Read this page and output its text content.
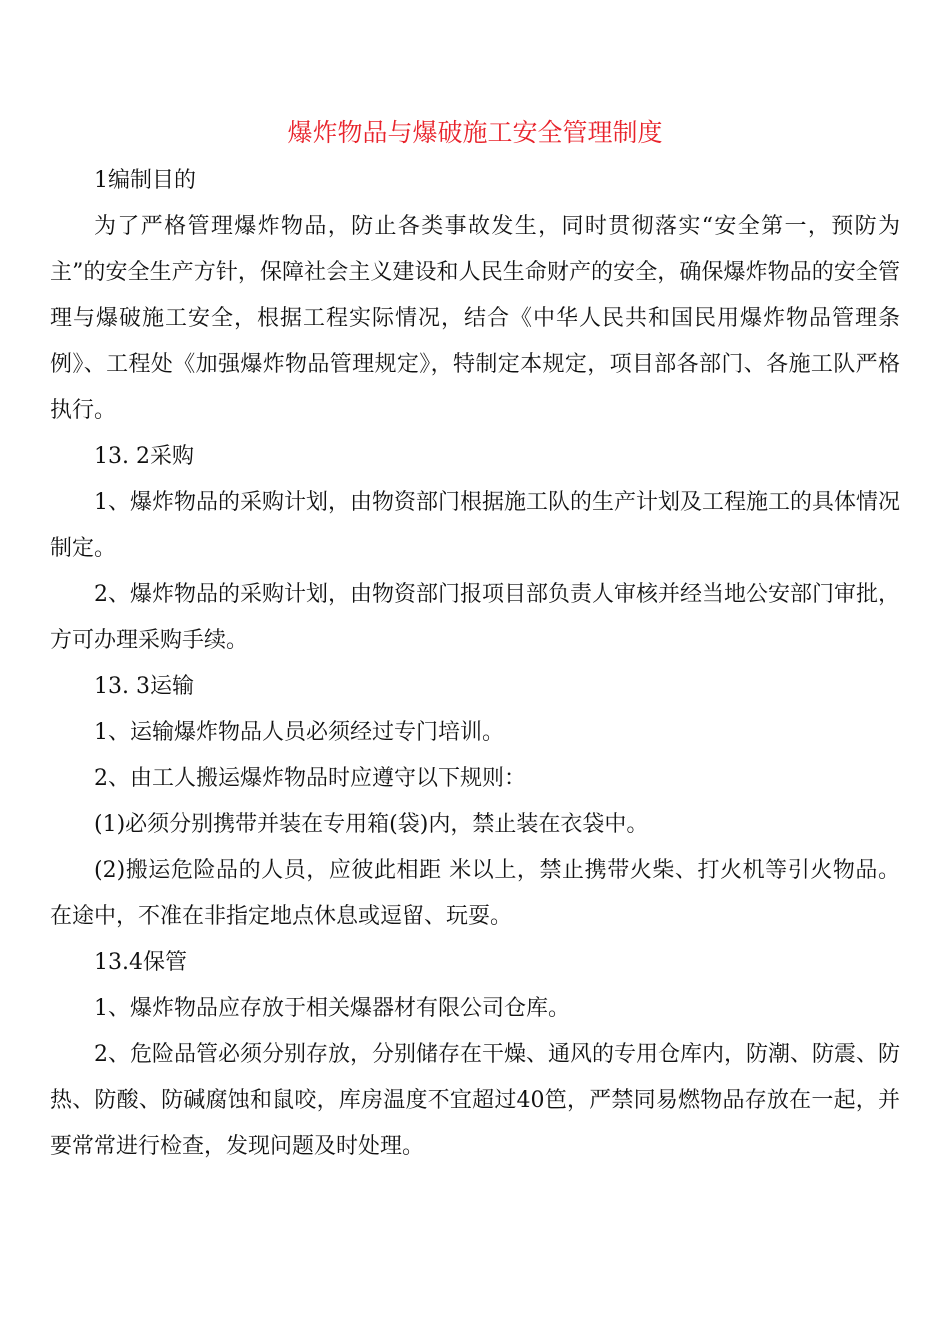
爆炸物品与爆破施工安全管理制度

1编制目的

为了严格管理爆炸物品，防止各类事故发生，同时贯彻落实“安全第一，预防为主”的安全生产方针，保障社会主义建设和人民生命财产的安全，确保爆炸物品的安全管理与爆破施工安全，根据工程实际情况，结合《中华人民共和国民用爆炸物品管理条例》、工程处《加强爆炸物品管理规定》，特制定本规定，项目部各部门、各施工队严格执行。

13. 2采购

1、爆炸物品的采购计划，由物资部门根据施工队的生产计划及工程施工的具体情况制定。

2、爆炸物品的采购计划，由物资部门报项目部负责人审核并经当地公安部门审批，方可办理采购手续。

13. 3运输

1、运输爆炸物品人员必须经过专门培训。

2、由工人搬运爆炸物品时应遵守以下规则：

(1)必须分别携带并装在专用箱(袋)内，禁止装在衣袋中。

(2)搬运危险品的人员，应彼此相距 米以上，禁止携带火柴、打火机等引火物品。在途中，不准在非指定地点休息或逗留、玩耍。

13.4保管

1、爆炸物品应存放于相关爆器材有限公司仓库。

2、危险品管必须分别存放，分别储存在干燥、通风的专用仓库内，防潮、防震、防热、防酸、防碱腐蚀和鼠咬，库房温度不宜超过40笆，严禁同易燃物品存放在一起，并要常常进行检查，发现问题及时处理。
